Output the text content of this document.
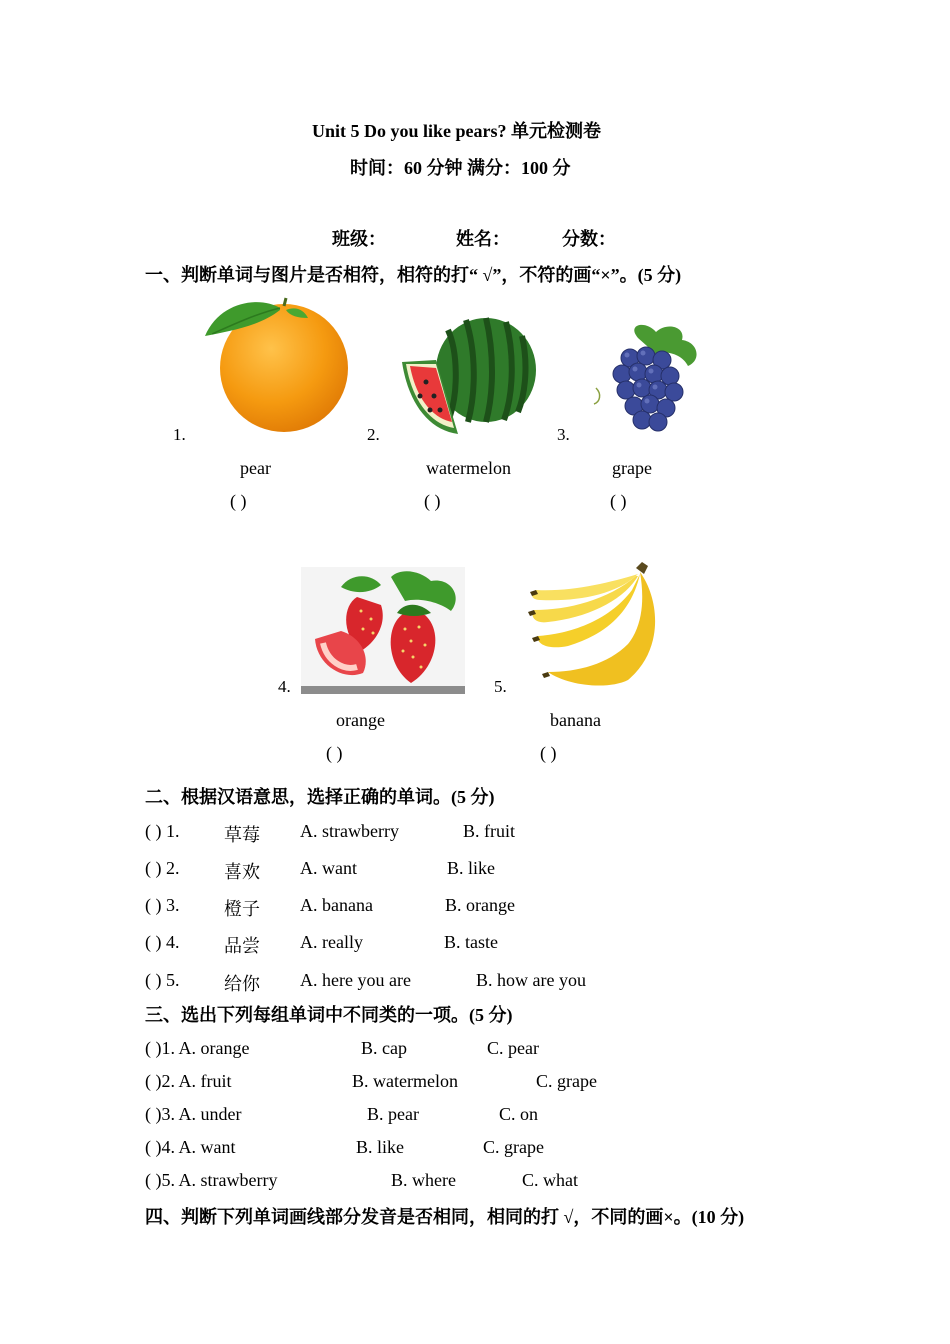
Unit 5 Do you like pears? 单元检测卷
时间：60 分钟 满分：100 分
班级：	姓名：	分数：
一、判断单词与图片是否相符，相符的打“ √”，不符的画“×”。(5 分)
1.
pear
( )
2.
watermelon
( )
3.
grape
( )
4.
orange
( )
5.
banana
( )
二、根据汉语意思，选择正确的单词。(5 分)
( ) 1. 草莓 A. strawberry	B. fruit
( ) 2. 喜欢 A. want	B. like
( ) 3. 橙子 A. banana	B. orange
( ) 4. 品尝 A. really	B. taste
( ) 5. 给你 A. here you are	B. how are you
三、选出下列每组单词中不同类的一项。(5 分)
( )1. A. orange	B. cap	C. pear
( )2. A. fruit	B. watermelon	C. grape
( )3. A. under	B. pear	C. on
( )4. A. want	B. like	C. grape
( )5. A. strawberry	B. where	C. what
四、判断下列单词画线部分发音是否相同，相同的打 √，不同的画×。(10 分)
